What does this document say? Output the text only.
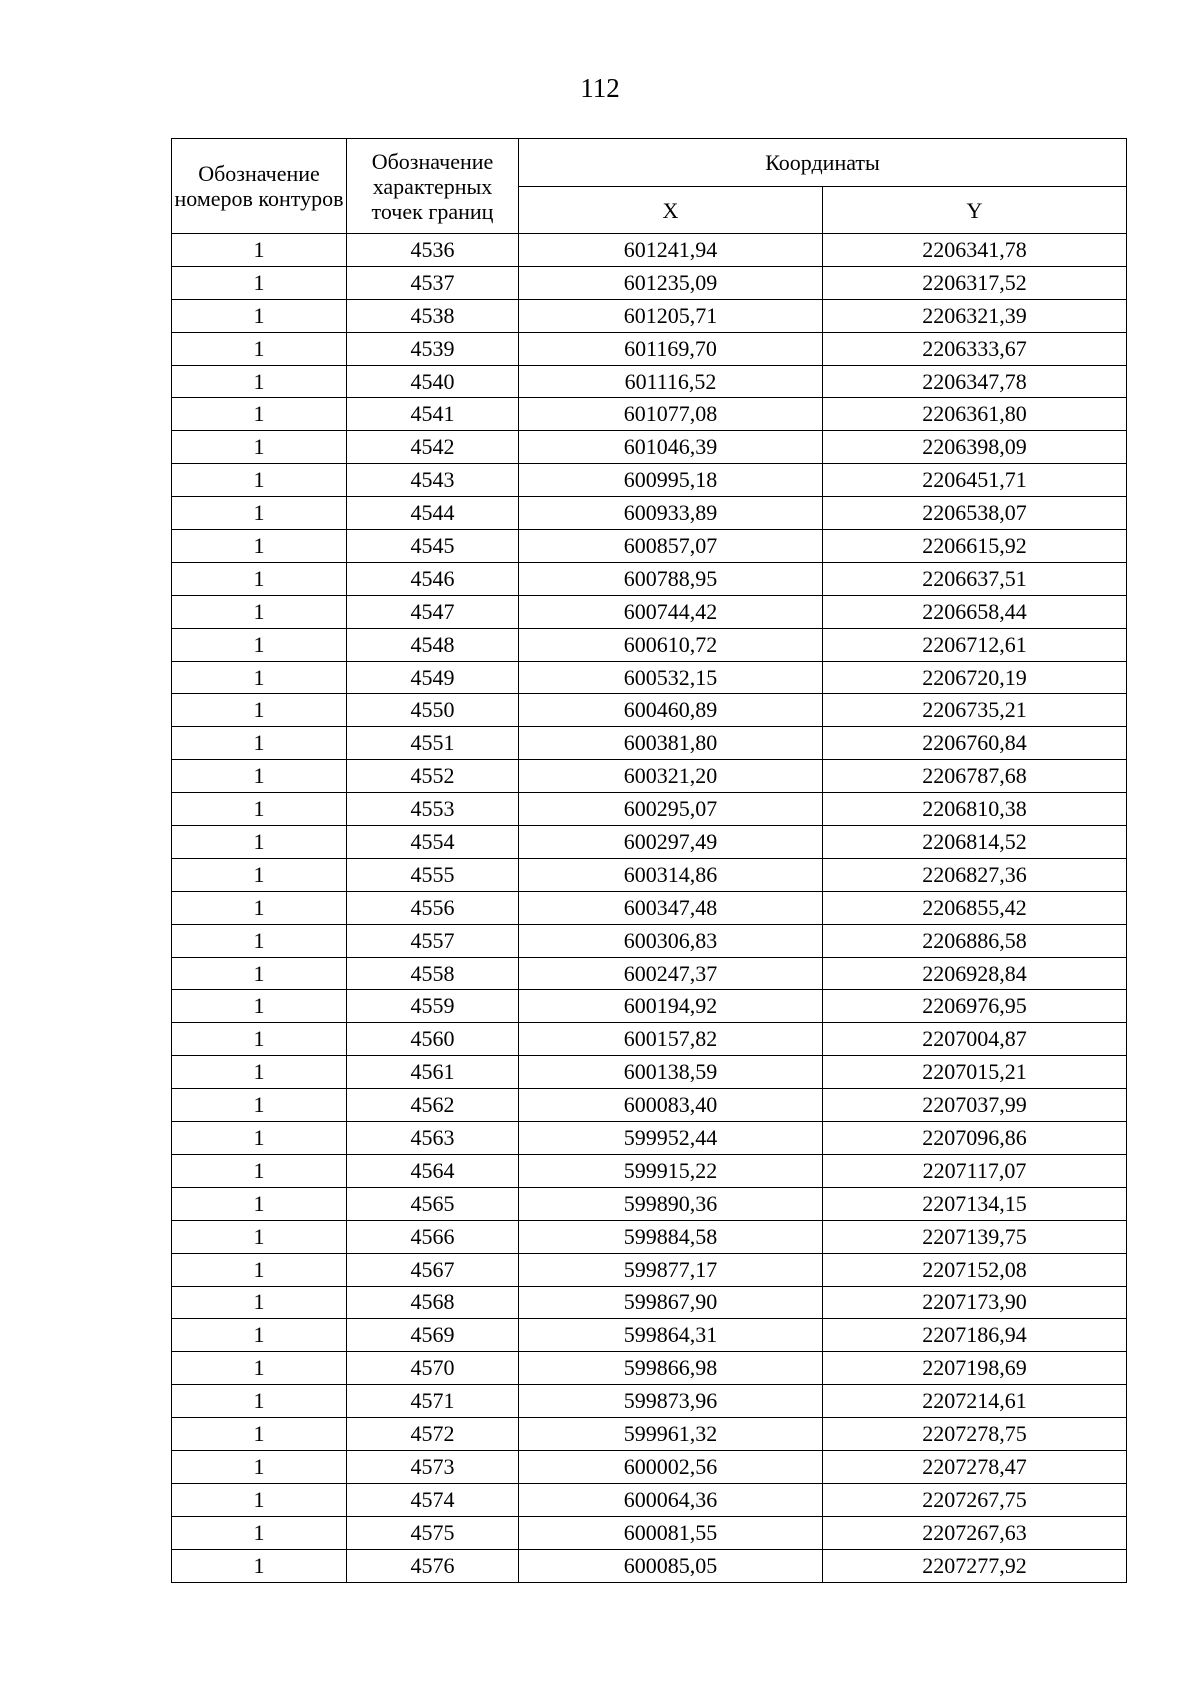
112
Обозначение номеров контуров	Обозначение характерных точек границ	Координаты	
		X	Y
1	4536	601241,94	2206341,78
1	4537	601235,09	2206317,52
1	4538	601205,71	2206321,39
1	4539	601169,70	2206333,67
1	4540	601116,52	2206347,78
1	4541	601077,08	2206361,80
1	4542	601046,39	2206398,09
1	4543	600995,18	2206451,71
1	4544	600933,89	2206538,07
1	4545	600857,07	2206615,92
1	4546	600788,95	2206637,51
1	4547	600744,42	2206658,44
1	4548	600610,72	2206712,61
1	4549	600532,15	2206720,19
1	4550	600460,89	2206735,21
1	4551	600381,80	2206760,84
1	4552	600321,20	2206787,68
1	4553	600295,07	2206810,38
1	4554	600297,49	2206814,52
1	4555	600314,86	2206827,36
1	4556	600347,48	2206855,42
1	4557	600306,83	2206886,58
1	4558	600247,37	2206928,84
1	4559	600194,92	2206976,95
1	4560	600157,82	2207004,87
1	4561	600138,59	2207015,21
1	4562	600083,40	2207037,99
1	4563	599952,44	2207096,86
1	4564	599915,22	2207117,07
1	4565	599890,36	2207134,15
1	4566	599884,58	2207139,75
1	4567	599877,17	2207152,08
1	4568	599867,90	2207173,90
1	4569	599864,31	2207186,94
1	4570	599866,98	2207198,69
1	4571	599873,96	2207214,61
1	4572	599961,32	2207278,75
1	4573	600002,56	2207278,47
1	4574	600064,36	2207267,75
1	4575	600081,55	2207267,63
1	4576	600085,05	2207277,92
